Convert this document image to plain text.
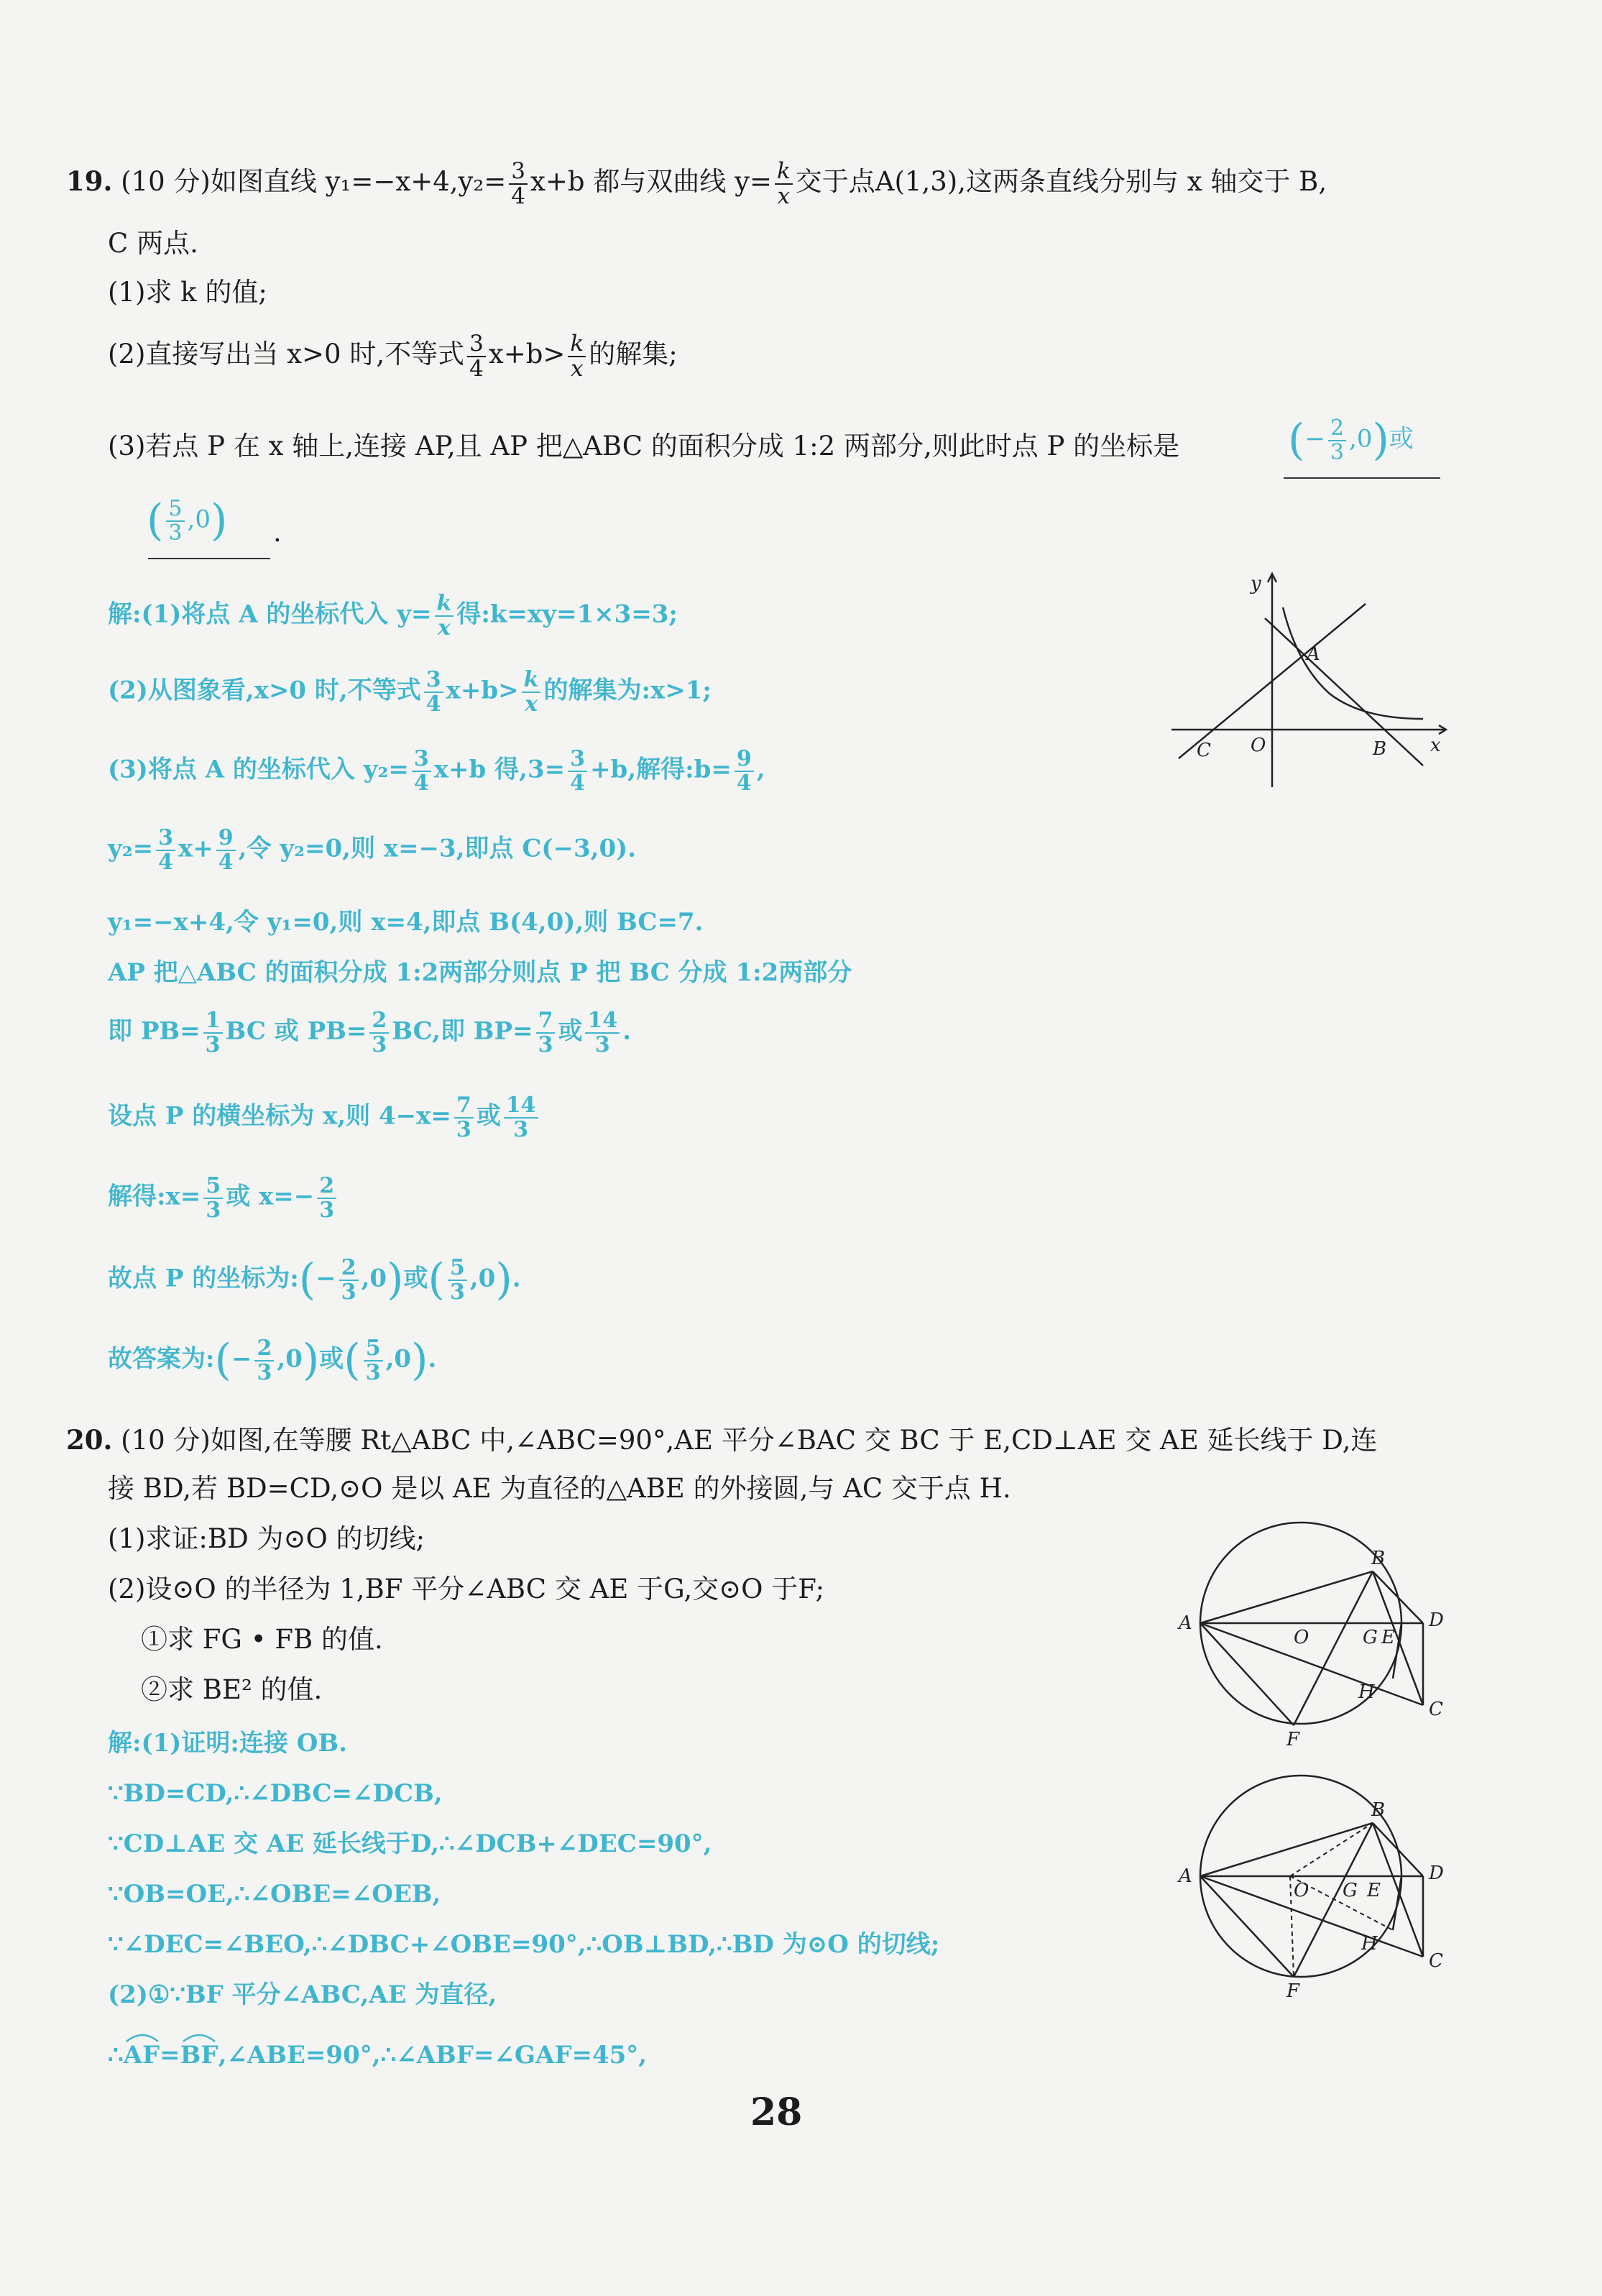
19. (10 分)如图直线 $y_1=-x+4,y_2= \frac{3}{4} x+b$ 都与双曲线 $y= \frac{k}{x}$ 交于点A(1,3),这两条直线分别与 x 轴交于 B,
C 两点.
(1)求 k 的值;
(2)直接写出当 x>0 时,不等式 $\frac{3}{4} x+b> \frac{k}{x}$ 的解集;
(3)若点 P 在 x 轴上,连接 AP,且 AP 把△ABC 的面积分成 1:2 两部分,则此时点 P 的坐标是	(− $\frac{2}{3} ,0$)或
( $\frac{5}{3} ,0$) .
解:(1)将点 A 的坐标代入 $y= \frac{k}{x}$ 得:k=xy=1×3=3;
(2)从图象看,x>0 时,不等式 $\frac{3}{4} x+b> \frac{k}{x}$ 的解集为:x>1;
(3)将点 A 的坐标代入 $y_2= \frac{3}{4} x+b$ 得$,3= \frac{3}{4} +b$,解得:b= $\frac{9}{4}$ ,
$y_2= \frac{3}{4} x+ \frac{9}{4}$ ,令 y₂=0,则 x=−3,即点 C(−3,0).
y₁=−x+4,令 y₁=0,则 x=4,即点 B(4,0),则 BC=7.
AP 把△ABC 的面积分成 1:2两部分则点 P 把 BC 分成 1:2两部分
即 $PB= \frac{1}{3}$ BC 或 $PB= \frac{2}{3}$ BC,即 $BP= \frac{7}{3}$ 或 $\frac{14}{3}$ .
设点 P 的横坐标为 x,则 $4-x= \frac{7}{3}$ 或 $\frac{14}{3}$
解得:x= $\frac{5}{3}$ 或 $x=- \frac{2}{3}$
故点 P 的坐标为:(− $\frac{2}{3} ,0$)或( $\frac{5}{3} ,0$).
故答案为:(− $\frac{2}{3} ,0$)或( $\frac{5}{3} ,0$).
y
x
A
O	B
C
20. (10 分)如图,在等腰 Rt△ABC 中,∠ABC=90°,AE 平分∠BAC 交 BC 于 E,CD⊥AE 交 AE 延长线于 D,连
接 BD,若 BD=CD,⊙O 是以 AE 为直径的△ABE 的外接圆,与 AC 交于点 H.
(1)求证:BD 为⊙O 的切线;
(2)设⊙O 的半径为 1,BF 平分∠ABC 交 AE 于G,交⊙O 于F;
①求 FG • FB 的值.
②求 BE² 的值.
解:(1)证明:连接 OB.
∵BD=CD,∴∠DBC=∠DCB,
∵CD⊥AE 交 AE 延长线于D,∴∠DCB+∠DEC=90°,
∵OB=OE,∴∠OBE=∠OEB,
∵∠DEC=∠BEO,∴∠DBC+∠OBE=90°,∴OB⊥BD,∴BD 为⊙O 的切线;
(2)①∵BF 平分∠ABC,AE 为直径,
∴
AF=
BF,∠ABE=90°,∴∠ABF=∠GAF=45°,
A
B
C
D
G E
O
H
F
A
B
C
D
G E
O
H
F
28
